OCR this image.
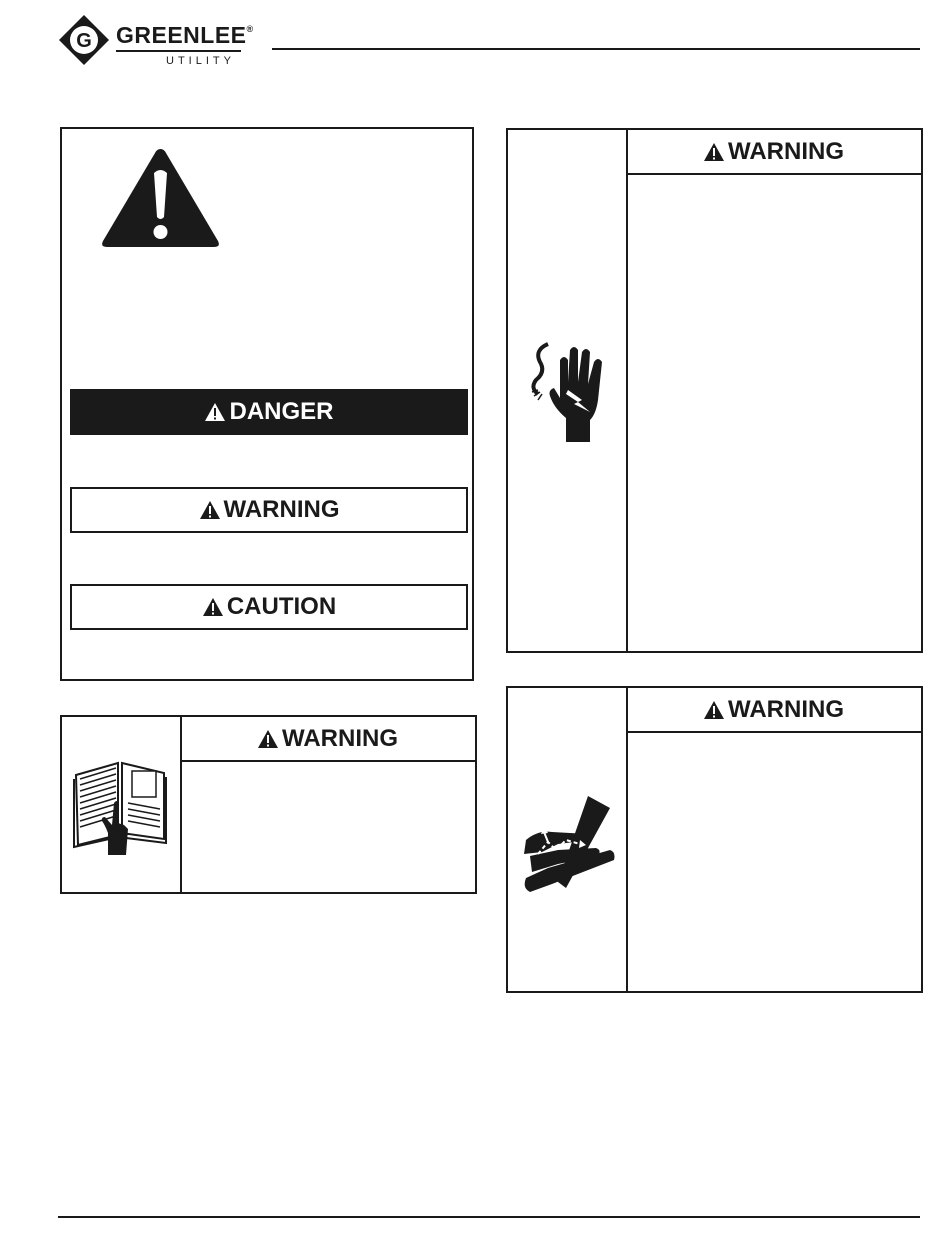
G GREENLEE®
UTILITY
DANGER
WARNING
CAUTION
WARNING
WARNING
WARNING
